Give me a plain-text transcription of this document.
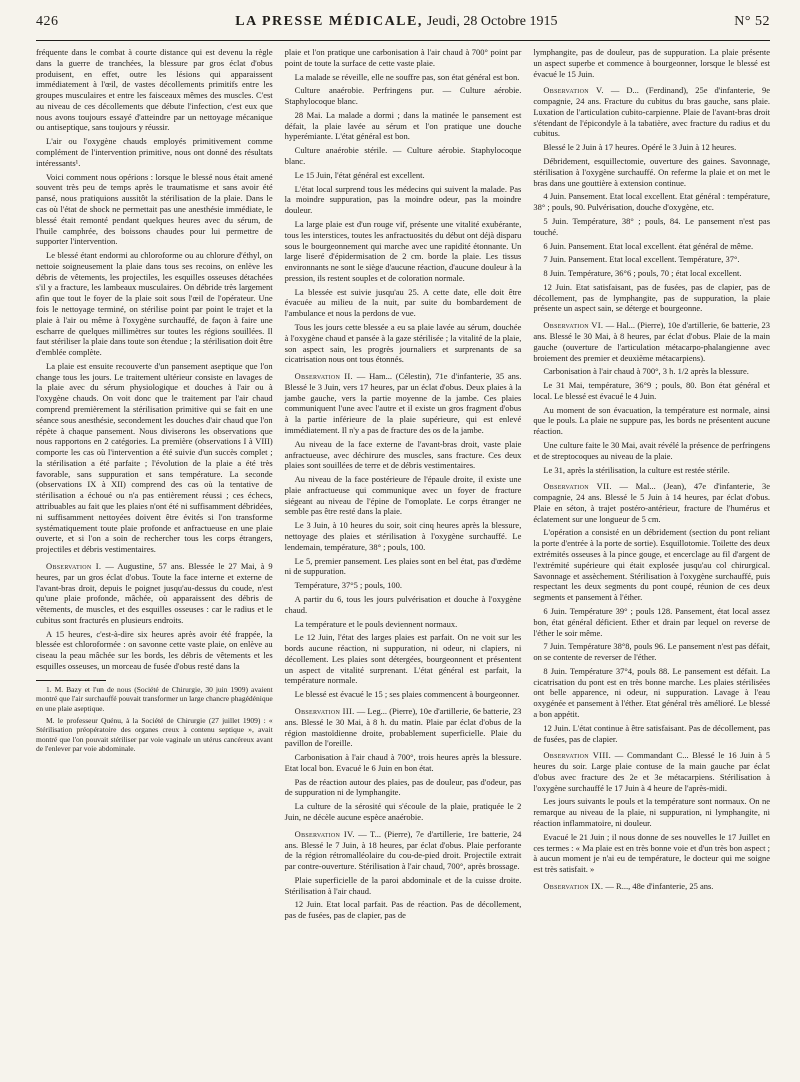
426	LA PRESSE MÉDICALE, Jeudi, 28 Octobre 1915	N° 52

fréquente dans le combat à courte distance qui est devenu la règle dans la guerre de tranchées, la blessure par gros éclat d'obus produisent, en effet, outre les lésions qui apparaissent immédiatement à l'œil, de vastes décollements primitifs entre les groupes musculaires et entre les faisceaux mêmes des muscles. C'est au niveau de ces décollements que débute l'infection, c'est eux que nous avons toujours essayé d'atteindre par un nettoyage mécanique ou antiseptique, sans toujours y réussir.

L'air ou l'oxygène chauds employés primitivement comme complément de l'intervention primitive, nous ont donné des résultats intéressants¹.

Voici comment nous opérions : lorsque le blessé nous était amené souvent très peu de temps après le traumatisme et sans avoir été pansé, nous pratiquions aussitôt la stérilisation de la plaie. Dans le cas où l'état de shock ne permettait pas une anesthésie immédiate, le blessé était remonté pendant quelques heures avec du sérum, de l'huile camphrée, des boissons chaudes pour lui permettre de supporter l'intervention.

Le blessé étant endormi au chloroforme ou au chlorure d'éthyl, on nettoie soigneusement la plaie dans tous ses recoins, on enlève les débris de vêtements, les projectiles, les esquilles osseuses détachées s'il y a fracture, les lambeaux musculaires. On débride très largement afin que tout le foyer de la plaie soit sous l'œil de l'opérateur. Une fois le nettoyage terminé, on stérilise point par point le trajet et la plaie à l'air ou même à l'oxygène surchauffé, de façon à faire une escharre de quelques millimètres sur toutes les régions souillées. Il faut stériliser la plaie dans toute son étendue ; la stérilisation doit être d'emblée complète.

La plaie est ensuite recouverte d'un pansement aseptique que l'on change tous les jours. Le traitement ultérieur consiste en lavages de la plaie avec du sérum physiologique et douches à l'air ou à l'oxygène chauds. On voit donc que le traitement par l'air chaud comprend premièrement la stérilisation primitive qui se fait en une séance sous anesthésie, secondement les douches d'air chaud que l'on répète à chaque pansement. Nous diviserons les observations que nous rapportons en 2 catégories. La première (observations I à VIII) comporte les cas où l'intervention a été suivie d'un succès complet ; la stérilisation a été parfaite ; l'évolution de la plaie a été très favorable, sans suppuration et sans température. La seconde (observations IX à XII) comprend des cas où la tentative de stérilisation a échoué ou n'a pas entièrement réussi ; ces échecs, attribuables au fait que les plaies n'ont été ni suffisamment débridées, ni suffisamment nettoyées doivent être évités si l'on transforme systématiquement toute plaie profonde et anfractueuse en une plaie ouverte, et si l'on a soin de rechercher tous les corps étrangers, projectiles et débris vestimentaires.

Observation I. — Augustine, 57 ans. Blessée le 27 Mai, à 9 heures, par un gros éclat d'obus. Toute la face interne et externe de l'avant-bras droit, depuis le poignet jusqu'au-dessus du coude, n'est qu'une plaie profonde, mâchée, où apparaissent des débris de vêtements, de muscles, et des esquilles osseuses : car le radius et le cubitus sont fracturés en plusieurs endroits.

A 15 heures, c'est-à-dire six heures après avoir été frappée, la blessée est chloroformée : on savonne cette vaste plaie, on enlève au ciseau la peau mâchée sur les bords, les débris de vêtements et les esquilles osseuses, un morceau de fusée d'obus resté dans la

1. M. Bazy et l'un de nous (Société de Chirurgie, 30 juin 1909) avaient montré que l'air surchauffé pouvait transformer un large chancre phagédénique en une plaie aseptique.

M. le professeur Quénu, à la Société de Chirurgie (27 juillet 1909) : « Stérilisation préopératoire des organes creux à contenu septique », avait montré que l'on pouvait stériliser par voie vaginale un utérus cancéreux avant de l'enlever par voie abdominale.

plaie et l'on pratique une carbonisation à l'air chaud à 700° point par point de toute la surface de cette vaste plaie.

La malade se réveille, elle ne souffre pas, son état général est bon.

Culture anaérobie. Perfringens pur. — Culture aérobie. Staphylocoque blanc.

28 Mai. La malade a dormi ; dans la matinée le pansement est défait, la plaie lavée au sérum et l'on pratique une douche hyperémiante. L'état général est bon.

Culture anaérobie stérile. — Culture aérobie. Staphylocoque blanc.

Le 15 Juin, l'état général est excellent.

L'état local surprend tous les médecins qui suivent la malade. Pas la moindre suppuration, pas la moindre odeur, pas la moindre douleur.

La large plaie est d'un rouge vif, présente une vitalité exubérante, tous les interstices, toutes les anfractuosités du début ont déjà disparu sous le bourgeonnement qui marche avec une rapidité étonnante. Un large liseré d'épidermisation de 2 cm. borde la plaie. Les tissus environnants ne sont le siège d'aucune réaction, d'aucune douleur à la pression, ils restent souples et de coloration normale.

La blessée est suivie jusqu'au 25. A cette date, elle doit être évacuée au milieu de la nuit, par suite du bombardement de l'ambulance et nous la perdons de vue.

Tous les jours cette blessée a eu sa plaie lavée au sérum, douchée à l'oxygène chaud et pansée à la gaze stérilisée ; la vitalité de la plaie, son aspect sain, les progrès journaliers et surprenants de sa cicatrisation nous ont tous étonnés.

Observation II. — Ham... (Célestin), 71e d'infanterie, 35 ans. Blessé le 3 Juin, vers 17 heures, par un éclat d'obus. Deux plaies à la jambe gauche, vers la partie moyenne de la jambe. Ces plaies communiquent l'une avec l'autre et il existe un gros fragment d'obus à la partie inférieure de la plaie supérieure, qui est enlevé immédiatement. Il n'y a pas de fracture des os de la jambe.

Au niveau de la face externe de l'avant-bras droit, vaste plaie anfractueuse, avec déchirure des muscles, sans fracture. Ces deux plaies sont souillées de terre et de débris vestimentaires.

Au niveau de la face postérieure de l'épaule droite, il existe une plaie anfractueuse qui communique avec un foyer de fracture siégeant au niveau de l'épine de l'omoplate. Le corps étranger ne semble pas être resté dans la plaie.

Le 3 Juin, à 10 heures du soir, soit cinq heures après la blessure, nettoyage des plaies et stérilisation à l'oxygène surchauffé. Le lendemain, température, 38° ; pouls, 100.

Le 5, premier pansement. Les plaies sont en bel état, pas d'œdème ni de suppuration.

Température, 37°5 ; pouls, 100.

A partir du 6, tous les jours pulvérisation et douche à l'oxygène chaud.

La température et le pouls deviennent normaux.

Le 12 Juin, l'état des larges plaies est parfait. On ne voit sur les bords aucune réaction, ni suppuration, ni odeur, ni clapiers, ni décollement. Les plaies sont détergées, bourgeonnent et présentent un aspect de vitalité surprenant. L'état général est parfait, la température normale.

Le blessé est évacué le 15 ; ses plaies commencent à bourgeonner.

Observation III. — Leg... (Pierre), 10e d'artillerie, 6e batterie, 23 ans. Blessé le 30 Mai, à 8 h. du matin. Plaie par éclat d'obus de la région mastoïdienne droite, probablement superficielle. Plaie du pavillon de l'oreille.

Carbonisation à l'air chaud à 700°, trois heures après la blessure. Etat local bon. Evacué le 6 Juin en bon état.

Pas de réaction autour des plaies, pas de douleur, pas d'odeur, pas de suppuration ni de lymphangite.

La culture de la sérosité qui s'écoule de la plaie, pratiquée le 2 Juin, ne décèle aucune espèce anaérobie.

Observation IV. — T... (Pierre), 7e d'artillerie, 1re batterie, 24 ans. Blessé le 7 Juin, à 18 heures, par éclat d'obus. Plaie perforante de la région rétromalléolaire du cou-de-pied droit. Projectile extrait par contre-ouverture. Stérilisation à l'air chaud, 700°, après brossage.

Plaie superficielle de la paroi abdominale et de la cuisse droite. Stérilisation à l'air chaud.

12 Juin. Etat local parfait. Pas de réaction. Pas de décollement, pas de fusées, pas de clapier, pas de

lymphangite, pas de douleur, pas de suppuration. La plaie présente un aspect superbe et commence à bourgeonner, lorsque le blessé est évacué le 15 Juin.

Observation V. — D... (Ferdinand), 25e d'infanterie, 9e compagnie, 24 ans. Fracture du cubitus du bras gauche, sans plaie. Luxation de l'articulation cubito-carpienne. Plaie de l'avant-bras droit s'étendant de l'épicondyle à la tabatière, avec fracture du radius et du cubitus.

Blessé le 2 Juin à 17 heures. Opéré le 3 Juin à 12 heures.

Débridement, esquillectomie, ouverture des gaines. Savonnage, stérilisation à l'oxygène surchauffé. On referme la plaie et on met le bras dans une gouttière à extension continue.

4 Juin. Pansement. Etat local excellent. Etat général : température, 38° ; pouls, 90. Pulvérisation, douche d'oxygène, etc.

5 Juin. Température, 38° ; pouls, 84. Le pansement n'est pas touché.

6 Juin. Pansement. Etat local excellent. état général de même.

7 Juin. Pansement. Etat local excellent. Température, 37°.

8 Juin. Température, 36°6 ; pouls, 70 ; état local excellent.

12 Juin. Etat satisfaisant, pas de fusées, pas de clapier, pas de décollement, pas de lymphangite, pas de suppuration, la plaie présente un aspect sain, se déterge et bourgeonne.

Observation VI. — Hal... (Pierre), 10e d'artillerie, 6e batterie, 23 ans. Blessé le 30 Mai, à 8 heures, par éclat d'obus. Plaie de la main gauche (ouverture de l'articulation métacarpo-phalangienne avec broiement des premier et deuxième métacarpiens).

Carbonisation à l'air chaud à 700°, 3 h. 1/2 après la blessure.

Le 31 Mai, température, 36°9 ; pouls, 80. Bon état général et local. Le blessé est évacué le 4 Juin.

Au moment de son évacuation, la température est normale, ainsi que le pouls. La plaie ne suppure pas, les bords ne présentent aucune réaction.

Une culture faite le 30 Mai, avait révélé la présence de perfringens et de streptocoques au niveau de la plaie.

Le 31, après la stérilisation, la culture est restée stérile.

Observation VII. — Mal... (Jean), 47e d'infanterie, 3e compagnie, 24 ans. Blessé le 5 Juin à 14 heures, par éclat d'obus. Plaie en séton, à trajet postéro-antérieur, fracture de l'humérus et éclatement sur une longueur de 5 cm.

L'opération a consisté en un débridement (section du pont reliant la porte d'entrée à la porte de sortie). Esquillotomie. Toilette des deux extrémités osseuses à la pince gouge, et encerclage au fil d'argent de l'extrémité supérieure qui était explosée jusqu'au col chirurgical. Savonnage et assèchement. Stérilisation à l'oxygène surchauffé, puis respectant les deux segments du pont coupé, réunion de ces deux segments et pansement à l'éther.

6 Juin. Température 39° ; pouls 128. Pansement, état local assez bon, état général déficient. Ether et drain par lequel on reverse de l'éther le soir même.

7 Juin. Température 38°8, pouls 96. Le pansement n'est pas défait, on se contente de reverser de l'éther.

8 Juin. Température 37°4, pouls 88. Le pansement est défait. La cicatrisation du pont est en très bonne marche. Les plaies stérilisées ont belle apparence, ni odeur, ni suppuration. Lavage à l'eau oxygénée et pansement à l'éther. Etat général très amélioré. Le blessé a bon appétit.

12 Juin. L'état continue à être satisfaisant. Pas de décollement, pas de fusées, pas de clapier.

Observation VIII. — Commandant C... Blessé le 16 Juin à 5 heures du soir. Large plaie contuse de la main gauche par éclat d'obus avec fracture des 2e et 3e métacarpiens. Stérilisation à l'oxygène surchauffé le 17 Juin à 4 heure de l'après-midi.

Les jours suivants le pouls et la température sont normaux. On ne remarque au niveau de la plaie, ni suppuration, ni lymphangite, ni réaction inflammatoire, ni douleur.

Evacué le 21 Juin ; il nous donne de ses nouvelles le 17 Juillet en ces termes : « Ma plaie est en très bonne voie et d'un très bon aspect ; à aucun moment je n'ai eu de température, le docteur qui me soigne est très satisfait. »

Observation IX. — R..., 48e d'infanterie, 25 ans.
